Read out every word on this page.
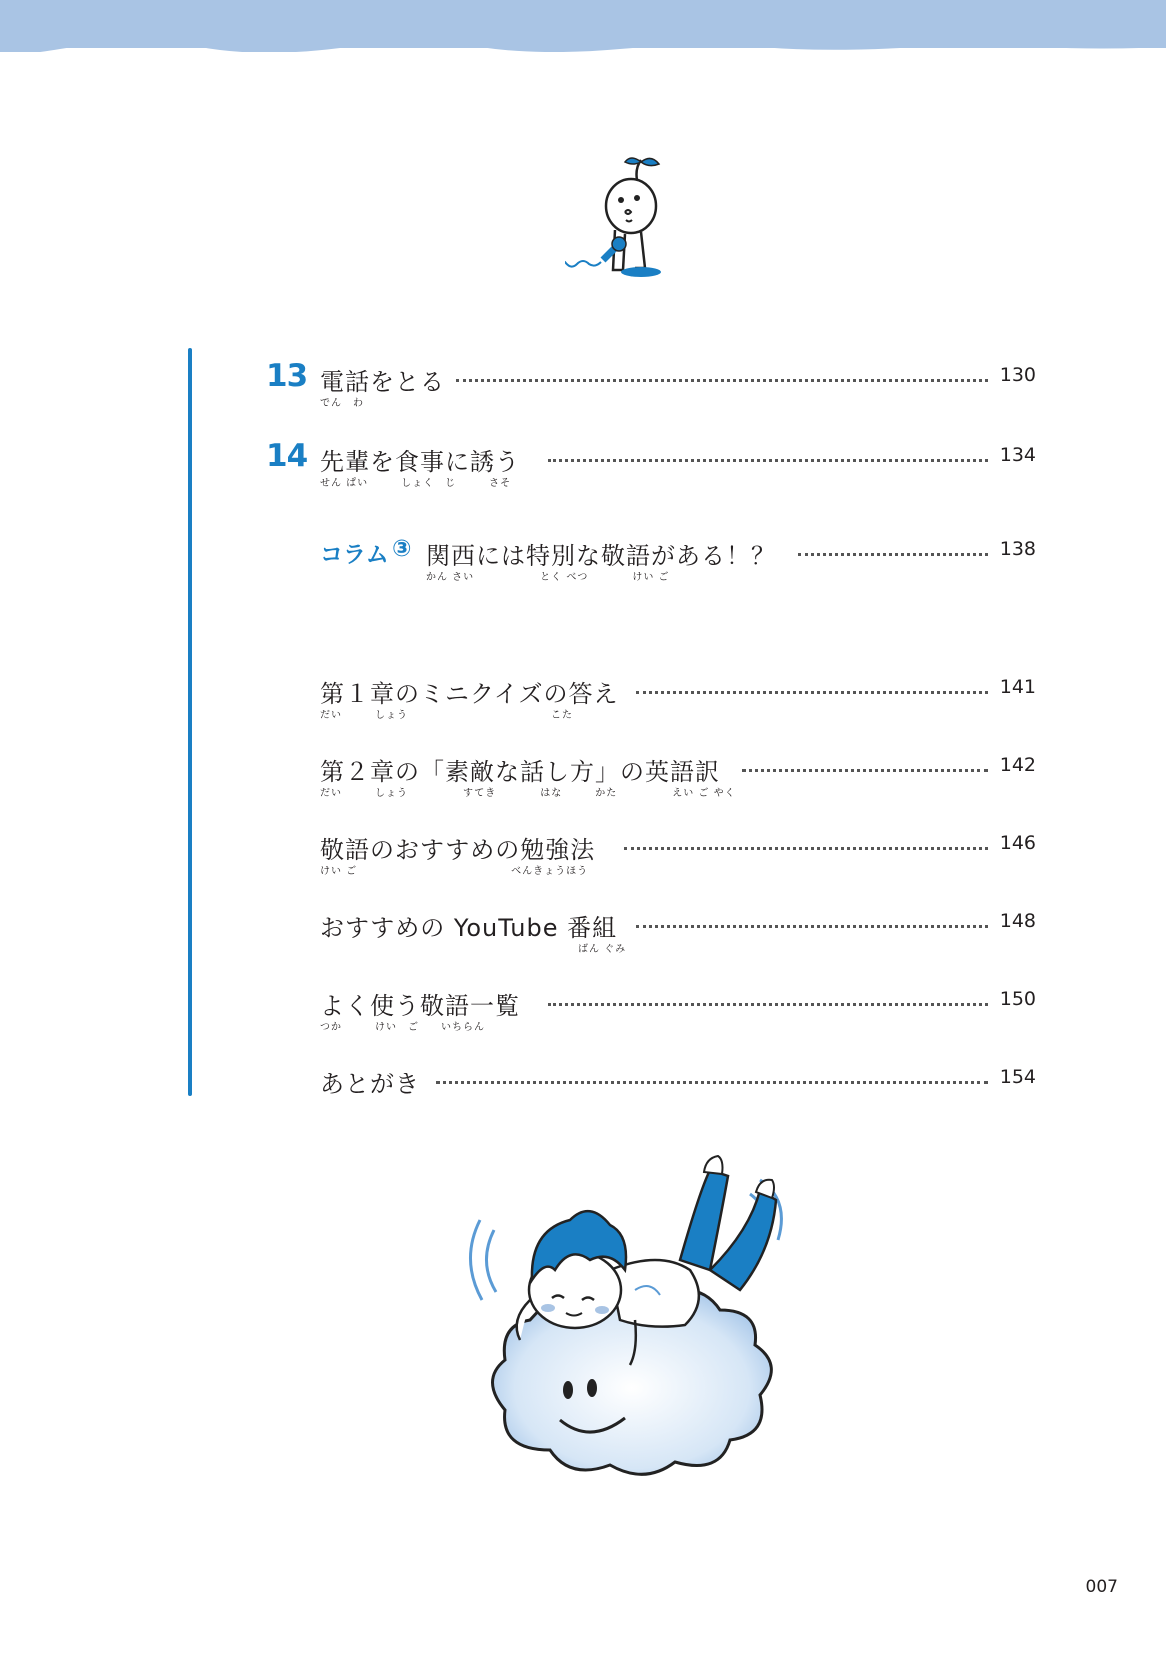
13 電話をとる
でん　わ
130
14 先輩を食事に誘う
せん ぱい　　　しょく　じ　　　さそ
134
コラム ③ 関西には特別な敬語がある！？
かん さい　　　　　　とく べつ　　　　けい ご
138
第１章のミニクイズの答え
だい　　　しょう　　　　　　　　　　　　　こた
141
第２章の「素敵な話し方」の英語訳
だい　　　しょう　　　　　すてき　　　　はな　　　かた　　　　　えい ご やく
142
敬語のおすすめの勉強法
けい ご　　　　　　　　　　　　　　べんきょうほう
146
おすすめの YouTube 番組
ばん ぐみ
148
よく使う敬語一覧
つか　　　けい　ご　　いちらん
150
あとがき	154
007
